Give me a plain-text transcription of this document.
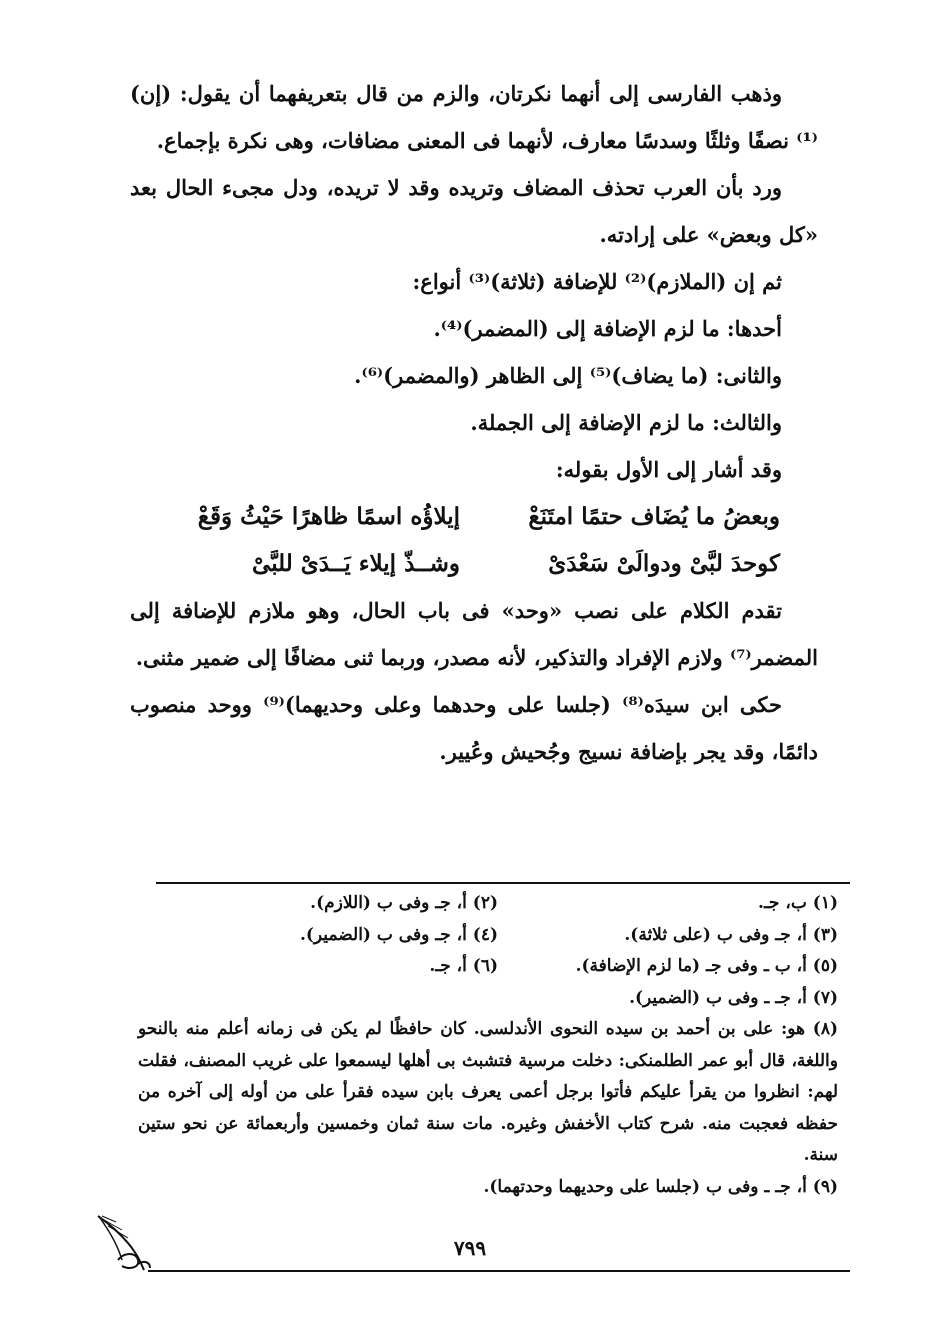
وذهب الفارسى إلى أنهما نكرتان، والزم من قال بتعريفهما أن يقول: (إن)⁽¹⁾ نصفًا وثلثًا وسدسًا معارف، لأنهما فى المعنى مضافات، وهى نكرة بإجماع.

ورد بأن العرب تحذف المضاف وتريده وقد لا تريده، ودل مجىء الحال بعد «كل وبعض» على إرادته.

ثم إن (الملازم)⁽²⁾ للإضافة (ثلاثة)⁽³⁾ أنواع:

أحدها: ما لزم الإضافة إلى (المضمر)⁽⁴⁾.

والثانى: (ما يضاف)⁽⁵⁾ إلى الظاهر (والمضمر)⁽⁶⁾.

والثالث: ما لزم الإضافة إلى الجملة.

وقد أشار إلى الأول بقوله:

وبعضُ ما يُضَاف حتمًا امتَنَعْ
إيلاؤُه اسمًا ظاهرًا حَيْثُ وَقَعْ
كوحدَ لبَّىْ ودوالَىْ سَعْدَىْ
وشــذّ إيلاء يَــدَىْ للبَّىْ

تقدم الكلام على نصب «وحد» فى باب الحال، وهو ملازم للإضافة إلى المضمر⁽⁷⁾ ولازم الإفراد والتذكير، لأنه مصدر، وربما ثنى مضافًا إلى ضمير مثنى.

حكى ابن سيدَه⁽⁸⁾ (جلسا على وحدهما وعلى وحديهما)⁽⁹⁾ ووحد منصوب دائمًا، وقد يجر بإضافة نسيج وجُحيش وعُيير.

(١) ب، جـ.
(٢) أ، جـ وفى ب (اللازم).
(٣) أ، جـ وفى ب (على ثلاثة).
(٤) أ، جـ وفى ب (الضمير).
(٥) أ، ب ـ وفى جـ (ما لزم الإضافة).
(٦) أ، جـ.

(٧) أ، جـ ـ وفى ب (الضمير).

(٨) هو: على بن أحمد بن سيده النحوى الأندلسى. كان حافظًا لم يكن فى زمانه أعلم منه بالنحو واللغة، قال أبو عمر الطلمنكى: دخلت مرسية فتشبث بى أهلها ليسمعوا على غريب المصنف، فقلت لهم: انظروا من يقرأ عليكم فأتوا برجل أعمى يعرف بابن سيده فقرأ على من أوله إلى آخره من حفظه فعجبت منه. شرح كتاب الأخفش وغيره. مات سنة ثمان وخمسين وأربعمائة عن نحو ستين سنة.

(٩) أ، جـ ـ وفى ب (جلسا على وحديهما وحدتهما).

٧٩٩
